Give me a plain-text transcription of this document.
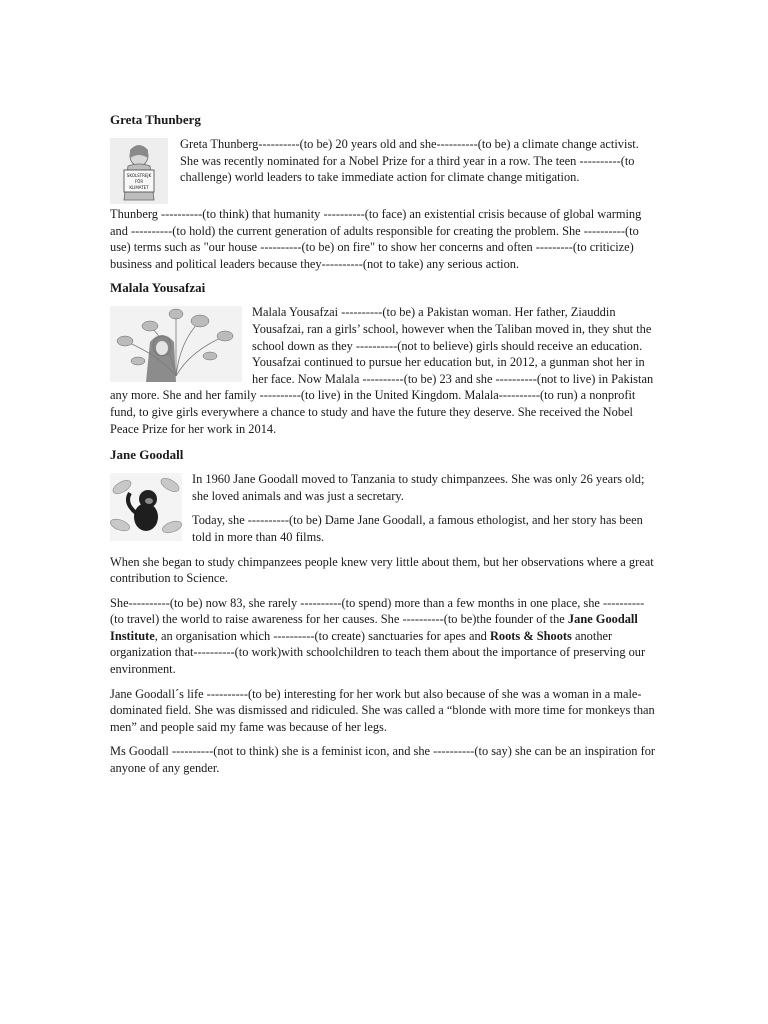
Greta Thunberg
SKOLSTREJK
FÖR
KLIMATET

Greta Thunberg----------(to be) 20 years old and she----------(to be) a climate change activist. She was recently nominated for a Nobel Prize for a third year in a row. The teen ----------(to challenge) world leaders to take immediate action for climate change mitigation.

Thunberg ----------(to think) that humanity ----------(to face) an existential crisis because of global warming and ----------(to hold) the current generation of adults responsible for creating the problem. She ----------(to use) terms such as "our house ----------(to be) on fire" to show her concerns and often ---------(to criticize) business and political leaders because they----------(not to take) any serious action.

Malala Yousafzai

Malala Yousafzai ----------(to be) a Pakistan woman. Her father, Ziauddin Yousafzai, ran a girls’ school, however when the Taliban moved in, they shut the school down as they ----------(not to believe) girls should receive an education. Yousafzai continued to pursue her education but, in 2012, a gunman shot her in her face. Now Malala ----------(to be) 23 and she ----------(not to live) in Pakistan any more. She and her family ----------(to live) in the United Kingdom. Malala----------(to run) a nonprofit fund, to give girls everywhere a chance to study and have the future they deserve. She received the Nobel Peace Prize for her work in 2014.

Jane Goodall

In 1960 Jane Goodall moved to Tanzania to study chimpanzees. She was only 26 years old; she loved animals and was just a secretary.

Today, she ----------(to be) Dame Jane Goodall, a famous ethologist, and her story has been told in more than 40 films.

When she began to study chimpanzees people knew very little about them, but her observations where a great contribution to Science.

She----------(to be) now 83, she rarely ----------(to spend) more than a few months in one place, she ----------(to travel) the world to raise awareness for her causes. She ----------(to be)the founder of the Jane Goodall Institute, an organisation which ----------(to create) sanctuaries for apes and Roots & Shoots another organization that----------(to work)with schoolchildren to teach them about the importance of preserving our environment.

Jane Goodall´s life ----------(to be) interesting for her work but also because of she was a woman in a male-dominated field. She was dismissed and ridiculed. She was called a “blonde with more time for monkeys than men” and people said my fame was because of her legs.

Ms Goodall ----------(not to think) she is a feminist icon, and she ----------(to say) she can be an inspiration for anyone of any gender.
